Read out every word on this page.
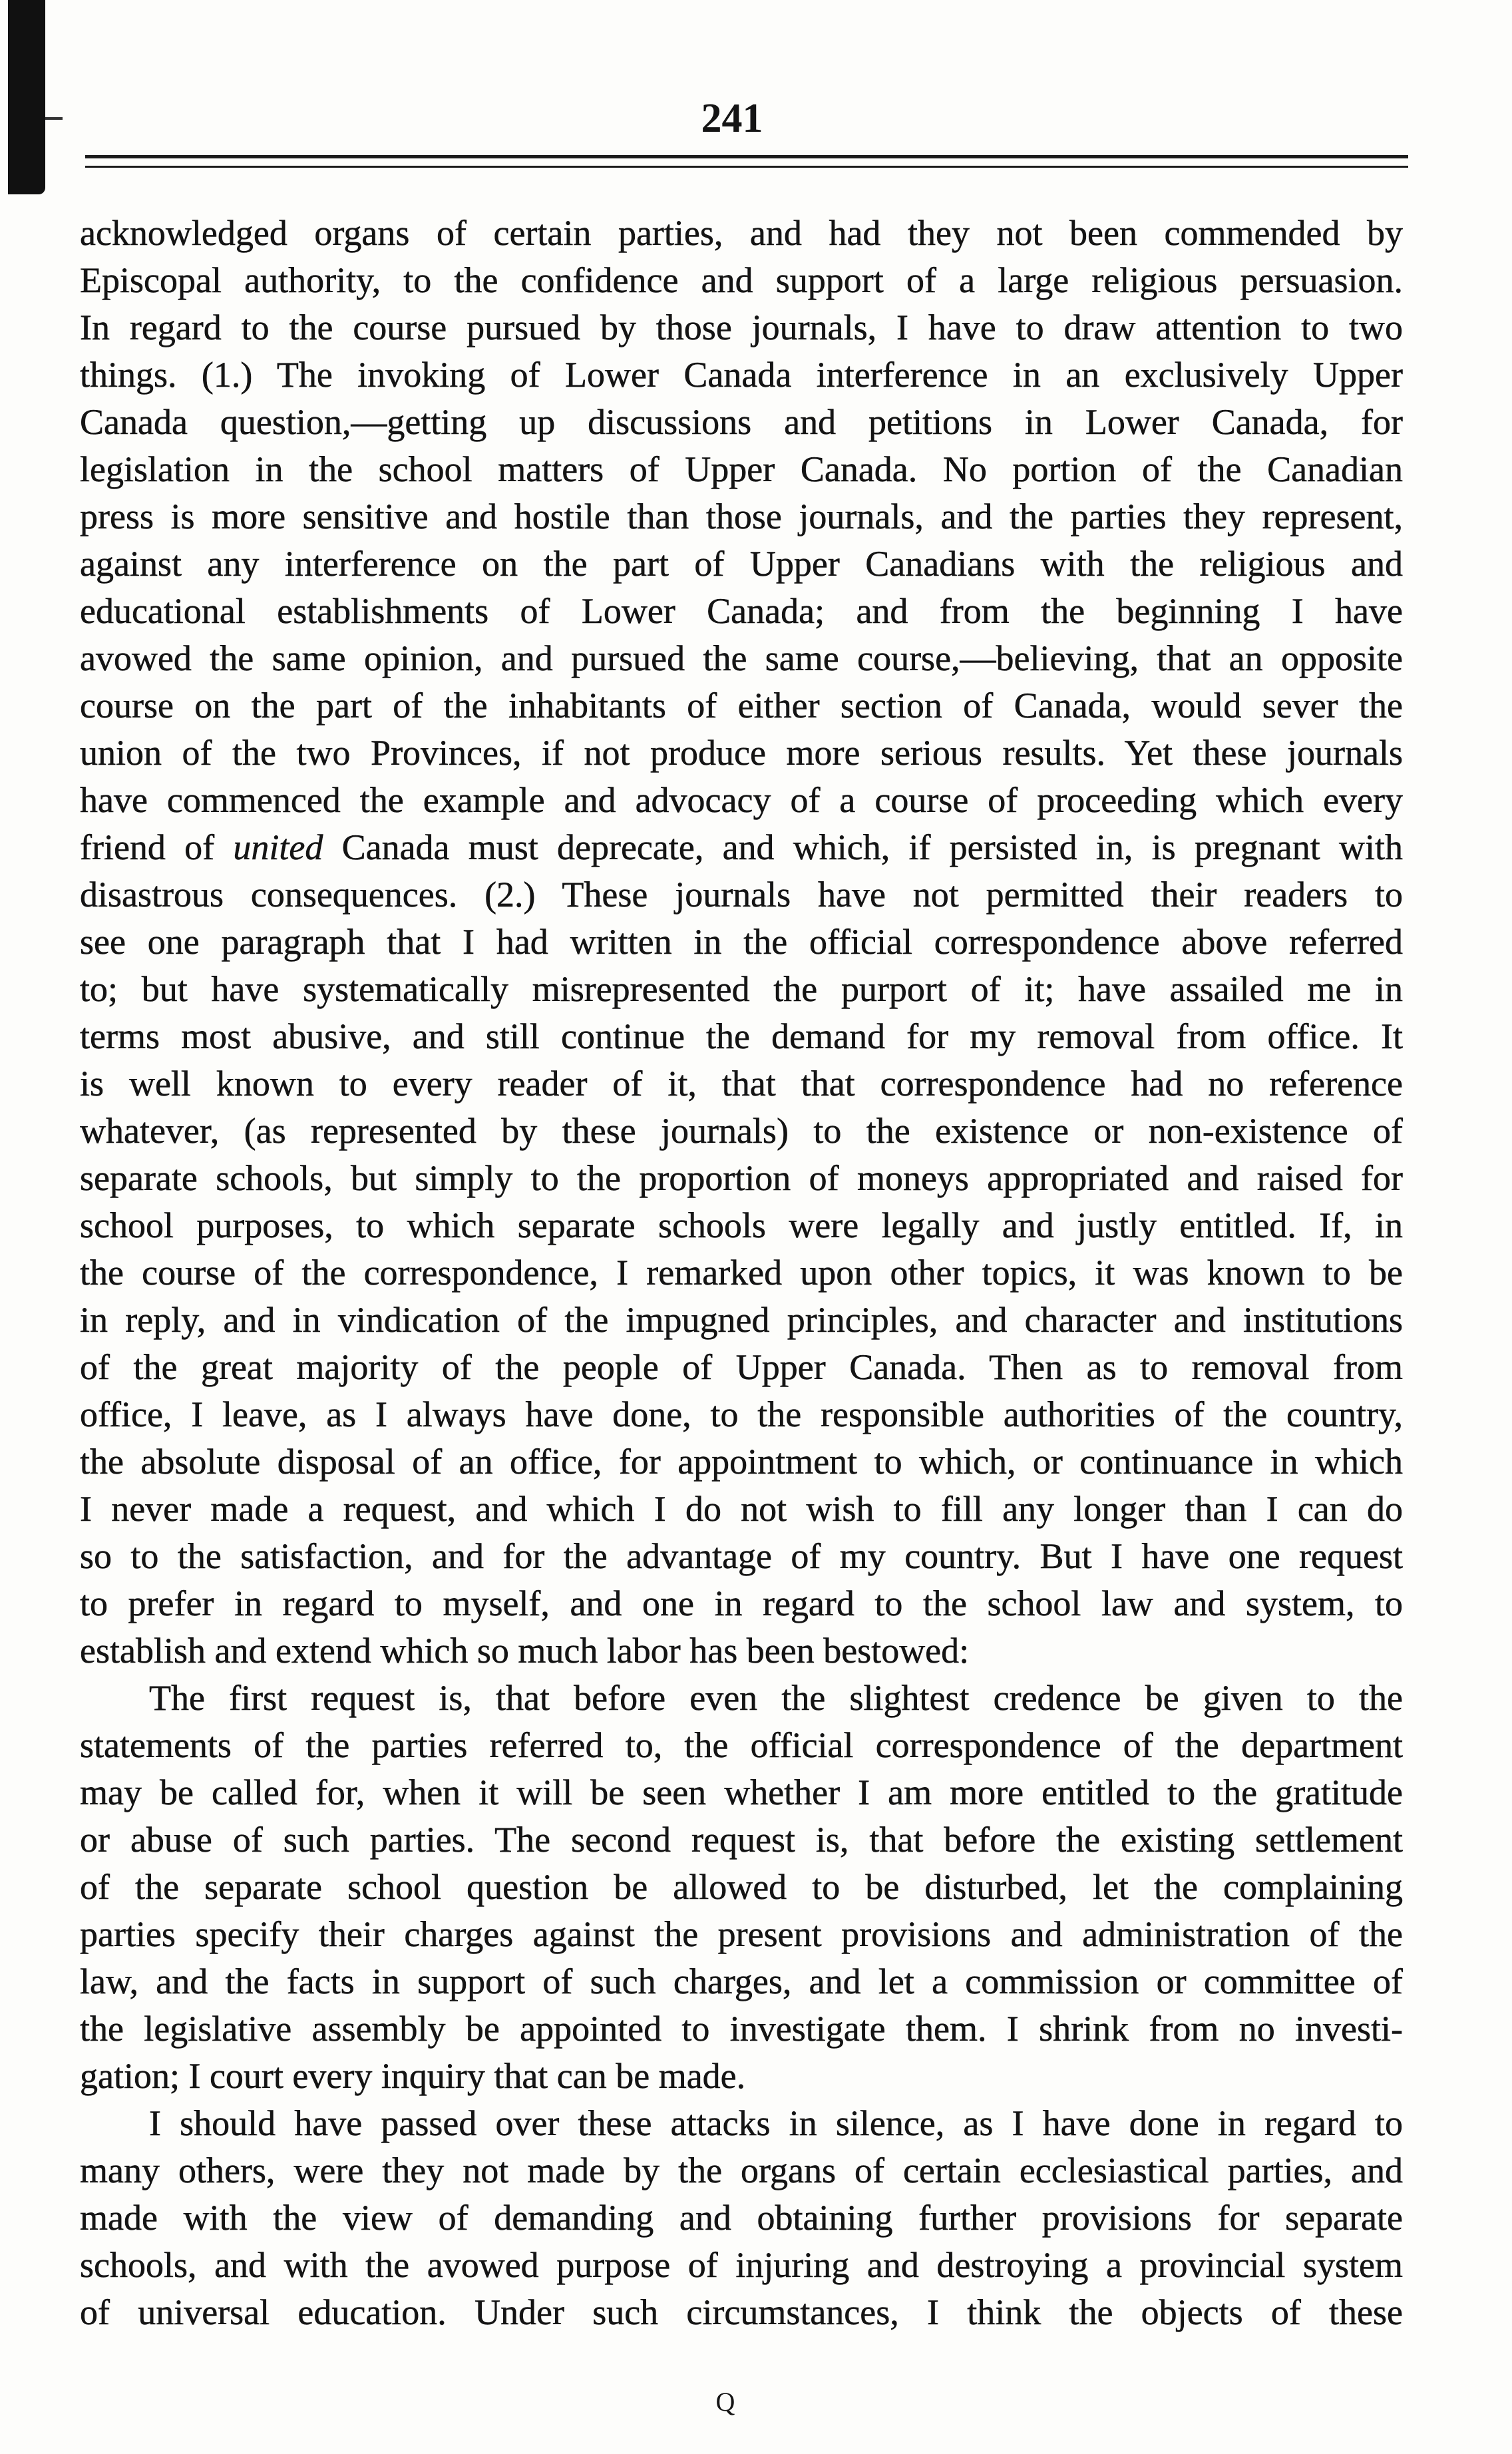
241
acknowledged organs of certain parties, and had they not been commended by
Episcopal authority, to the confidence and support of a large religious persuasion.
In regard to the course pursued by those journals, I have to draw attention to two
things. (1.) The invoking of Lower Canada interference in an exclusively Upper
Canada question,—getting up discussions and petitions in Lower Canada, for
legislation in the school matters of Upper Canada. No portion of the Canadian
press is more sensitive and hostile than those journals, and the parties they represent,
against any interference on the part of Upper Canadians with the religious and
educational establishments of Lower Canada; and from the beginning I have
avowed the same opinion, and pursued the same course,—believing, that an opposite
course on the part of the inhabitants of either section of Canada, would sever the
union of the two Provinces, if not produce more serious results. Yet these journals
have commenced the example and advocacy of a course of proceeding which every
friend of united Canada must deprecate, and which, if persisted in, is pregnant with
disastrous consequences. (2.) These journals have not permitted their readers to
see one paragraph that I had written in the official correspondence above referred
to; but have systematically misrepresented the purport of it; have assailed me in
terms most abusive, and still continue the demand for my removal from office. It
is well known to every reader of it, that that correspondence had no reference
whatever, (as represented by these journals) to the existence or non-existence of
separate schools, but simply to the proportion of moneys appropriated and raised for
school purposes, to which separate schools were legally and justly entitled. If, in
the course of the correspondence, I remarked upon other topics, it was known to be
in reply, and in vindication of the impugned principles, and character and institutions
of the great majority of the people of Upper Canada. Then as to removal from
office, I leave, as I always have done, to the responsible authorities of the country,
the absolute disposal of an office, for appointment to which, or continuance in which
I never made a request, and which I do not wish to fill any longer than I can do
so to the satisfaction, and for the advantage of my country. But I have one request
to prefer in regard to myself, and one in regard to the school law and system, to
establish and extend which so much labor has been bestowed:
The first request is, that before even the slightest credence be given to the
statements of the parties referred to, the official correspondence of the department
may be called for, when it will be seen whether I am more entitled to the gratitude
or abuse of such parties. The second request is, that before the existing settlement
of the separate school question be allowed to be disturbed, let the complaining
parties specify their charges against the present provisions and administration of the
law, and the facts in support of such charges, and let a commission or committee of
the legislative assembly be appointed to investigate them. I shrink from no investi-
gation; I court every inquiry that can be made.
I should have passed over these attacks in silence, as I have done in regard to
many others, were they not made by the organs of certain ecclesiastical parties, and
made with the view of demanding and obtaining further provisions for separate
schools, and with the avowed purpose of injuring and destroying a provincial system
of universal education. Under such circumstances, I think the objects of these
Q
